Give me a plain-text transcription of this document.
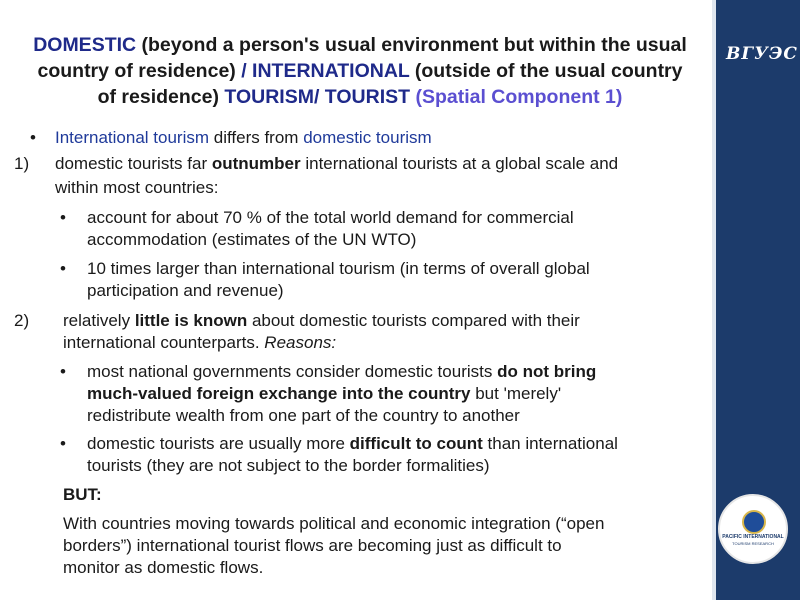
DOMESTIC (beyond a person's usual environment but within the usual
country of residence) / INTERNATIONAL (outside of the usual country
of residence) TOURISM/ TOURIST (Spatial Component 1)
• International tourism differs from domestic tourism
1) domestic tourists far outnumber international tourists at a global scale and
within most countries:
• account for about 70 % of the total world demand for commercial
accommodation (estimates of the UN WTO)
• 10 times larger than international tourism (in terms of overall global
participation and revenue)
2) relatively little is known about domestic tourists compared with their
international counterparts. Reasons:
• most national governments consider domestic tourists do not bring
much-valued foreign exchange into the country but 'merely'
redistribute wealth from one part of the country to another
• domestic tourists are usually more difficult to count than international
tourists (they are not subject to the border formalities)
BUT:
With countries moving towards political and economic integration (“open
borders”) international tourist flows are becoming just as difficult to
monitor as domestic flows.
ВГУЭС
PACIFIC INTERNATIONAL
TOURISM RESEARCH
